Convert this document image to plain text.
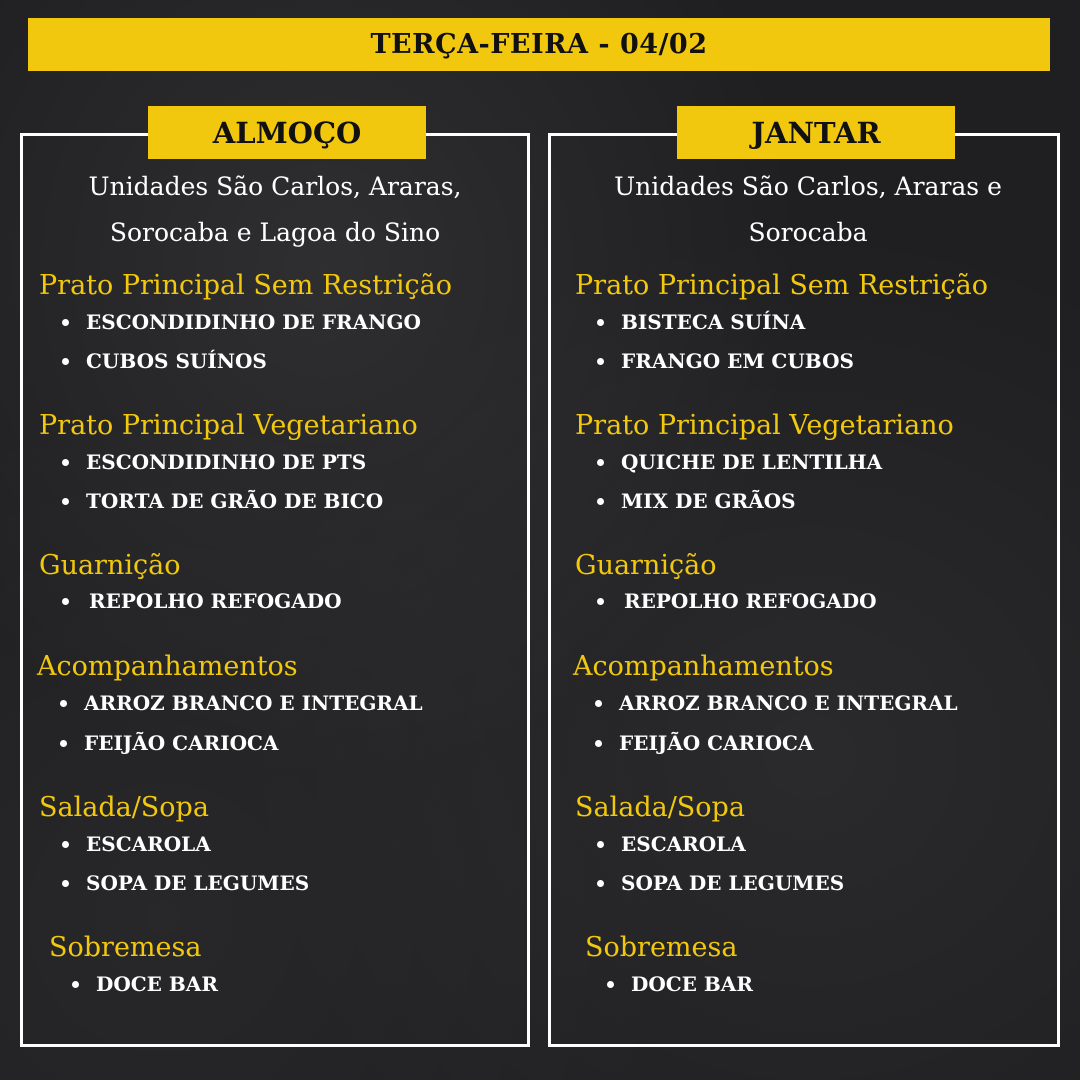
TERÇA-FEIRA - 04/02
ALMOÇO
Unidades São Carlos, Araras,
Sorocaba e Lagoa do Sino
Prato Principal Sem Restrição
ESCONDIDINHO DE FRANGO
CUBOS SUÍNOS
Prato Principal Vegetariano
ESCONDIDINHO DE PTS
TORTA DE GRÃO DE BICO
Guarnição
REPOLHO REFOGADO
Acompanhamentos
ARROZ BRANCO E INTEGRAL
FEIJÃO CARIOCA
Salada/Sopa
ESCAROLA
SOPA DE LEGUMES
Sobremesa
DOCE BAR
JANTAR
Unidades São Carlos, Araras e
Sorocaba
Prato Principal Sem Restrição
BISTECA SUÍNA
FRANGO EM CUBOS
Prato Principal Vegetariano
QUICHE DE LENTILHA
MIX DE GRÃOS
Guarnição
REPOLHO REFOGADO
Acompanhamentos
ARROZ BRANCO E INTEGRAL
FEIJÃO CARIOCA
Salada/Sopa
ESCAROLA
SOPA DE LEGUMES
Sobremesa
DOCE BAR
